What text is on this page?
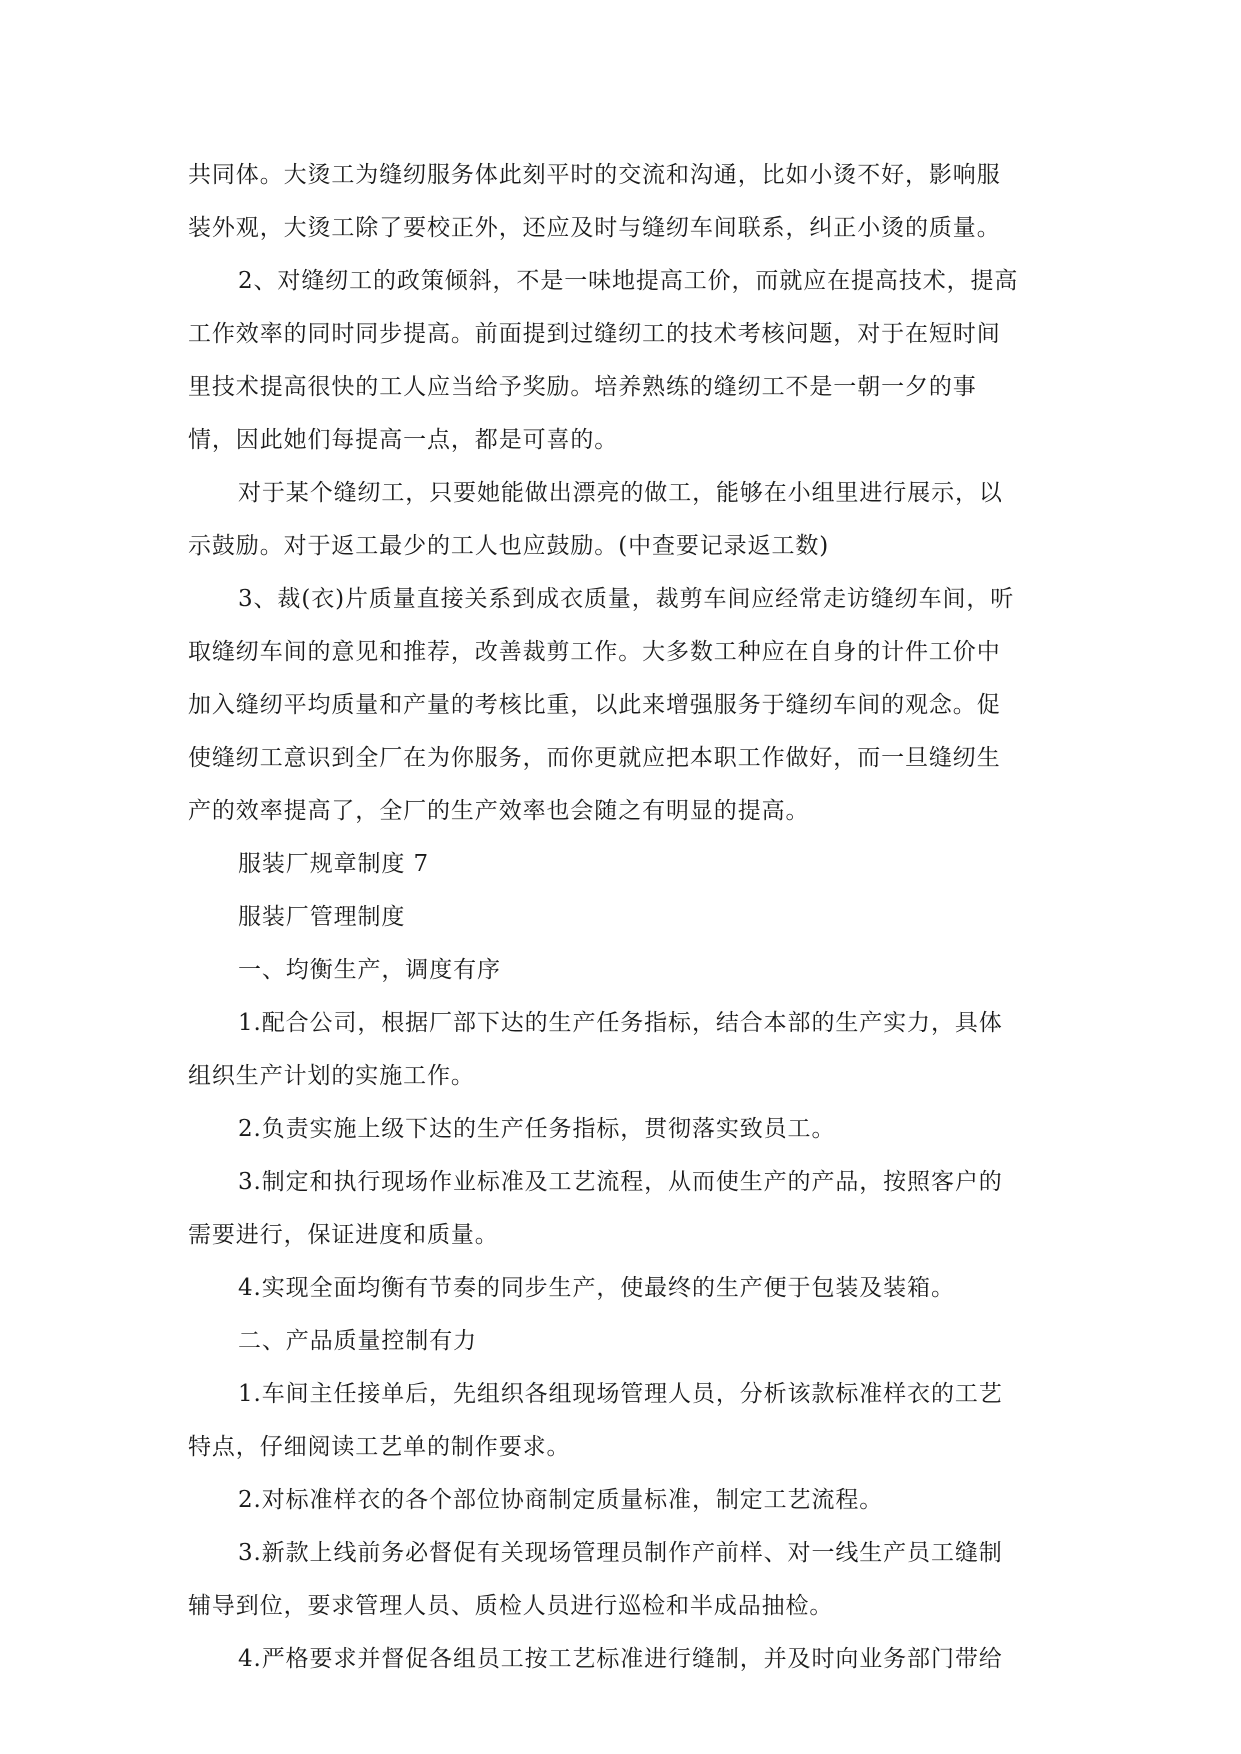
共同体。大烫工为缝纫服务体此刻平时的交流和沟通，比如小烫不好，影响服
装外观，大烫工除了要校正外，还应及时与缝纫车间联系，纠正小烫的质量。
2、对缝纫工的政策倾斜，不是一味地提高工价，而就应在提高技术，提高
工作效率的同时同步提高。前面提到过缝纫工的技术考核问题，对于在短时间
里技术提高很快的工人应当给予奖励。培养熟练的缝纫工不是一朝一夕的事
情，因此她们每提高一点，都是可喜的。
对于某个缝纫工，只要她能做出漂亮的做工，能够在小组里进行展示，以
示鼓励。对于返工最少的工人也应鼓励。(中查要记录返工数)
3、裁(衣)片质量直接关系到成衣质量，裁剪车间应经常走访缝纫车间，听
取缝纫车间的意见和推荐，改善裁剪工作。大多数工种应在自身的计件工价中
加入缝纫平均质量和产量的考核比重，以此来增强服务于缝纫车间的观念。促
使缝纫工意识到全厂在为你服务，而你更就应把本职工作做好，而一旦缝纫生
产的效率提高了，全厂的生产效率也会随之有明显的提高。
服装厂规章制度 7
服装厂管理制度
一、均衡生产，调度有序
1.配合公司，根据厂部下达的生产任务指标，结合本部的生产实力，具体
组织生产计划的实施工作。
2.负责实施上级下达的生产任务指标，贯彻落实致员工。
3.制定和执行现场作业标准及工艺流程，从而使生产的产品，按照客户的
需要进行，保证进度和质量。
4.实现全面均衡有节奏的同步生产，使最终的生产便于包装及装箱。
二、产品质量控制有力
1.车间主任接单后，先组织各组现场管理人员，分析该款标准样衣的工艺
特点，仔细阅读工艺单的制作要求。
2.对标准样衣的各个部位协商制定质量标准，制定工艺流程。
3.新款上线前务必督促有关现场管理员制作产前样、对一线生产员工缝制
辅导到位，要求管理人员、质检人员进行巡检和半成品抽检。
4.严格要求并督促各组员工按工艺标准进行缝制，并及时向业务部门带给
